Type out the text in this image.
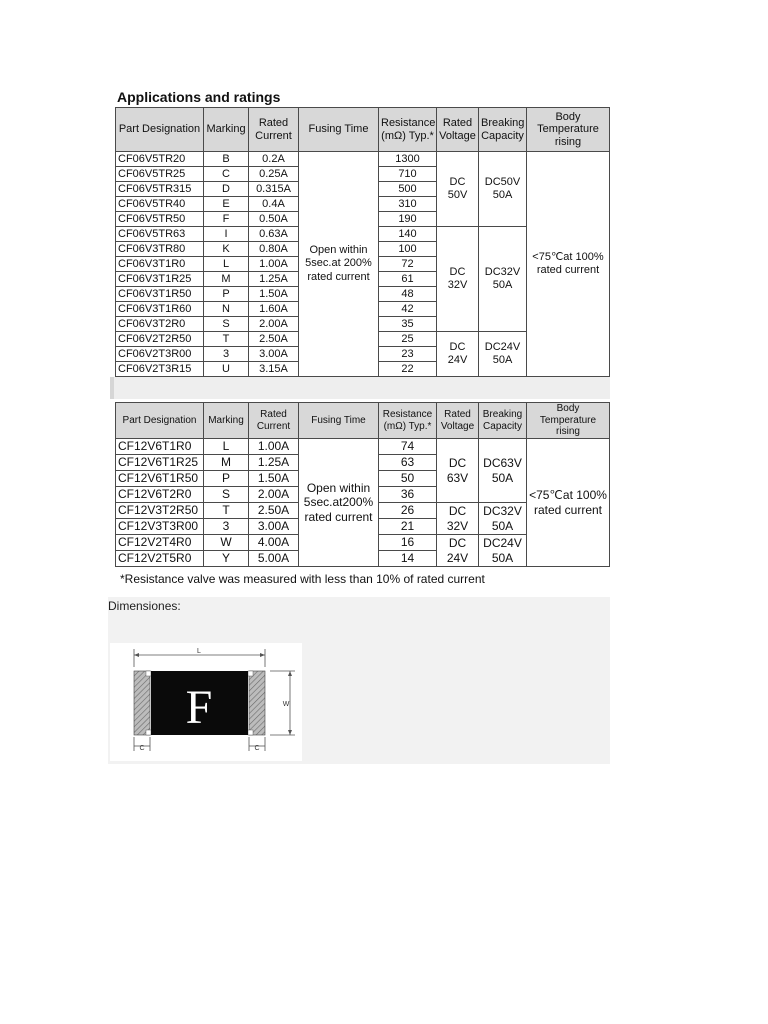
Applications and ratings
Part Designation	Marking	Rated Current	Fusing Time	Resistance (mΩ) Typ.*	Rated Voltage	Breaking Capacity	Body Temperature rising
CF06V5TR20	B	0.2A	Open within 5sec.at 200% rated current	1300	DC 50V	DC50V 50A	<75℃at 100% rated current
CF06V5TR25	C	0.25A		710			
CF06V5TR315	D	0.315A		500			
CF06V5TR40	E	0.4A		310			
CF06V5TR50	F	0.50A		190			
CF06V5TR63	I	0.63A		140	DC 32V	DC32V 50A	
CF06V3TR80	K	0.80A		100			
CF06V3T1R0	L	1.00A		72			
CF06V3T1R25	M	1.25A		61			
CF06V3T1R50	P	1.50A		48			
CF06V3T1R60	N	1.60A		42			
CF06V3T2R0	S	2.00A		35			
CF06V2T2R50	T	2.50A		25	DC 24V	DC24V 50A	
CF06V2T3R00	3	3.00A		23			
CF06V2T3R15	U	3.15A		22			
Part Designation	Marking	Rated Current	Fusing Time	Resistance (mΩ) Typ.*	Rated Voltage	Breaking Capacity	Body Temperature rising
CF12V6T1R0	L	1.00A	Open within 5sec.at200% rated current	74	DC 63V	DC63V 50A	<75℃at 100% rated current
CF12V6T1R25	M	1.25A		63			
CF12V6T1R50	P	1.50A		50			
CF12V6T2R0	S	2.00A		36			
CF12V3T2R50	T	2.50A		26	DC 32V	DC32V 50A	
CF12V3T3R00	3	3.00A		21			
CF12V2T4R0	W	4.00A		16	DC 24V	DC24V 50A	
CF12V2T5R0	Y	5.00A		14			
*Resistance valve was measured with less than 10% of rated current
Dimensiones:
L
F	W
C	C
